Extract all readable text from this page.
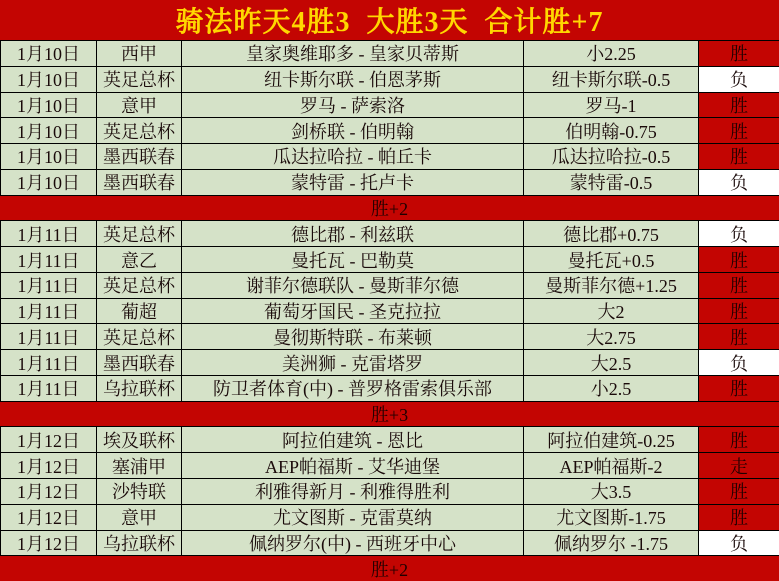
骑法昨天4胜3  大胜3天  合计胜+7
1月10日	西甲	皇家奥维耶多 - 皇家贝蒂斯	小2.25	胜
1月10日	英足总杯	纽卡斯尔联 - 伯恩茅斯	纽卡斯尔联-0.5	负
1月10日	意甲	罗马 - 萨索洛	罗马-1	胜
1月10日	英足总杯	剑桥联 - 伯明翰	伯明翰-0.75	胜
1月10日	墨西联春	瓜达拉哈拉 - 帕丘卡	瓜达拉哈拉-0.5	胜
1月10日	墨西联春	蒙特雷 - 托卢卡	蒙特雷-0.5	负
胜+2
1月11日	英足总杯	德比郡 - 利兹联	德比郡+0.75	负
1月11日	意乙	曼托瓦 - 巴勒莫	曼托瓦+0.5	胜
1月11日	英足总杯	谢菲尔德联队 - 曼斯菲尔德	曼斯菲尔德+1.25	胜
1月11日	葡超	葡萄牙国民 - 圣克拉拉	大2	胜
1月11日	英足总杯	曼彻斯特联 - 布莱顿	大2.75	胜
1月11日	墨西联春	美洲狮 - 克雷塔罗	大2.5	负
1月11日	乌拉联杯	防卫者体育(中) - 普罗格雷索俱乐部	小2.5	胜
胜+3
1月12日	埃及联杯	阿拉伯建筑 - 恩比	阿拉伯建筑-0.25	胜
1月12日	塞浦甲	AEP帕福斯 - 艾华迪堡	AEP帕福斯-2	走
1月12日	沙特联	利雅得新月 - 利雅得胜利	大3.5	胜
1月12日	意甲	尤文图斯 - 克雷莫纳	尤文图斯-1.75	胜
1月12日	乌拉联杯	佩纳罗尔(中) - 西班牙中心	佩纳罗尔 -1.75	负
胜+2
